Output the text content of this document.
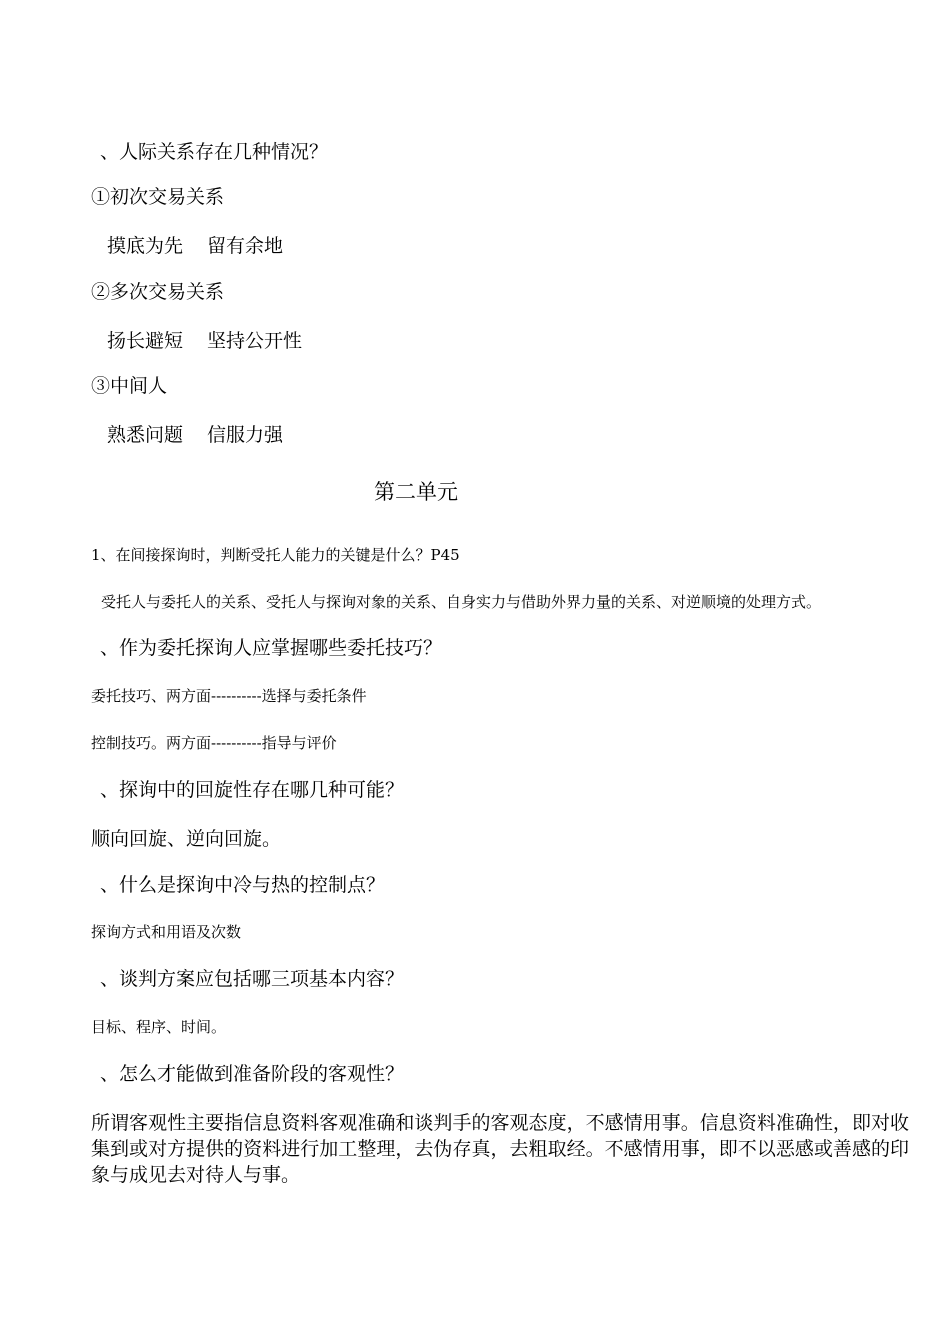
、人际关系存在几种情况？
①初次交易关系
摸底为先 留有余地
②多次交易关系
扬长避短 坚持公开性
③中间人
熟悉问题 信服力强
第二单元
1、在间接探询时，判断受托人能力的关键是什么？P45
受托人与委托人的关系、受托人与探询对象的关系、自身实力与借助外界力量的关系、对逆顺境的处理方式。
、作为委托探询人应掌握哪些委托技巧？
委托技巧、两方面----------选择与委托条件
控制技巧。两方面----------指导与评价
、探询中的回旋性存在哪几种可能？
顺向回旋、逆向回旋。
、什么是探询中冷与热的控制点？
探询方式和用语及次数
、谈判方案应包括哪三项基本内容？
目标、程序、时间。
、怎么才能做到准备阶段的客观性？
所谓客观性主要指信息资料客观准确和谈判手的客观态度，不感情用事。信息资料准确性，即对收集到或对方提供的资料进行加工整理，去伪存真，去粗取经。不感情用事，即不以恶感或善感的印象与成见去对待人与事。
